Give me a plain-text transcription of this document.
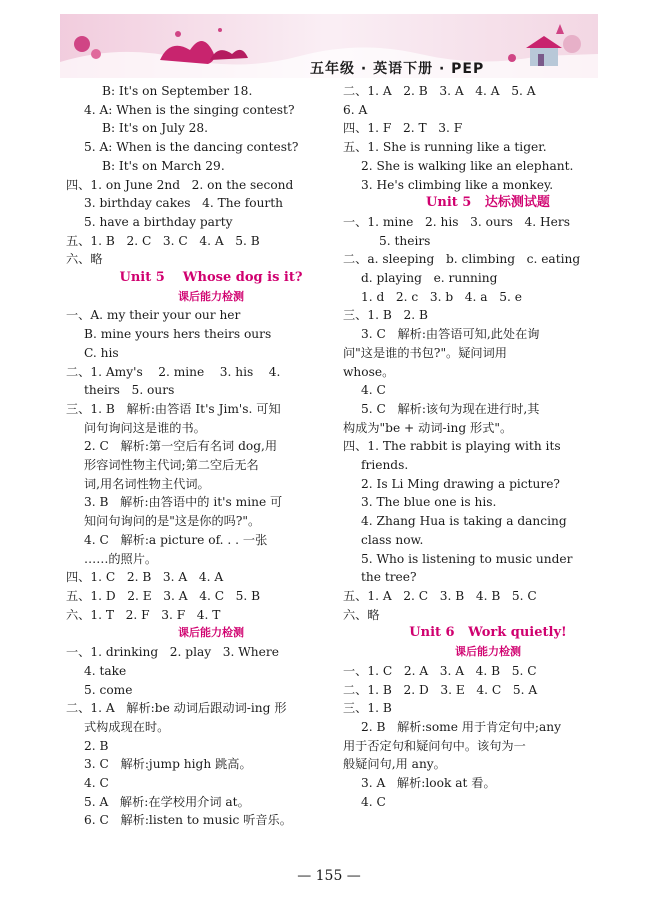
五年级 · 英语下册 · PEP
B: It's on September 18.
4. A: When is the singing contest?
B: It's on July 28.
5. A: When is the dancing contest?
B: It's on March 29.
四、1. on June 2nd   2. on the second
3. birthday cakes   4. The fourth
5. have a birthday party
五、1. B   2. C   3. C   4. A   5. B
六、略
Unit 5    Whose dog is it?
课后能力检测
一、A. my their your our her
B. mine yours hers theirs ours
C. his
二、1. Amy's    2. mine    3. his    4.
theirs   5. ours
三、1. B   解析:由答语 It's Jim's. 可知
问句询问这是谁的书。
2. C   解析:第一空后有名词 dog,用
形容词性物主代词;第二空后无名
词,用名词性物主代词。
3. B   解析:由答语中的 it's mine 可
知问句询问的是"这是你的吗?"。
4. C   解析:a picture of. . . 一张
……的照片。
四、1. C   2. B   3. A   4. A
五、1. D   2. E   3. A   4. C   5. B
六、1. T   2. F   3. F   4. T
课后能力检测
一、1. drinking   2. play   3. Where
4. take
5. come
二、1. A   解析:be 动词后跟动词-ing 形
式构成现在时。
2. B
3. C   解析:jump high 跳高。
4. C
5. A   解析:在学校用介词 at。
6. C   解析:listen to music 听音乐。
二、1. A   2. B   3. A   4. A   5. A
6. A
四、1. F   2. T   3. F
五、1. She is running like a tiger.
2. She is walking like an elephant.
3. He's climbing like a monkey.
Unit 5   达标测试题
一、1. mine   2. his   3. ours   4. Hers
5. theirs
二、a. sleeping   b. climbing   c. eating
d. playing   e. running
1. d   2. c   3. b   4. a   5. e
三、1. B   2. B
3. C   解析:由答语可知,此处在询
问"这是谁的书包?"。疑问词用
whose。
4. C
5. C   解析:该句为现在进行时,其
构成为"be + 动词-ing 形式"。
四、1. The rabbit is playing with its
friends.
2. Is Li Ming drawing a picture?
3. The blue one is his.
4. Zhang Hua is taking a dancing
class now.
5. Who is listening to music under
the tree?
五、1. A   2. C   3. B   4. B   5. C
六、略
Unit 6   Work quietly!
课后能力检测
一、1. C   2. A   3. A   4. B   5. C
二、1. B   2. D   3. E   4. C   5. A
三、1. B
2. B   解析:some 用于肯定句中;any
用于否定句和疑问句中。该句为一
般疑问句,用 any。
3. A   解析:look at 看。
4. C
— 155 —
